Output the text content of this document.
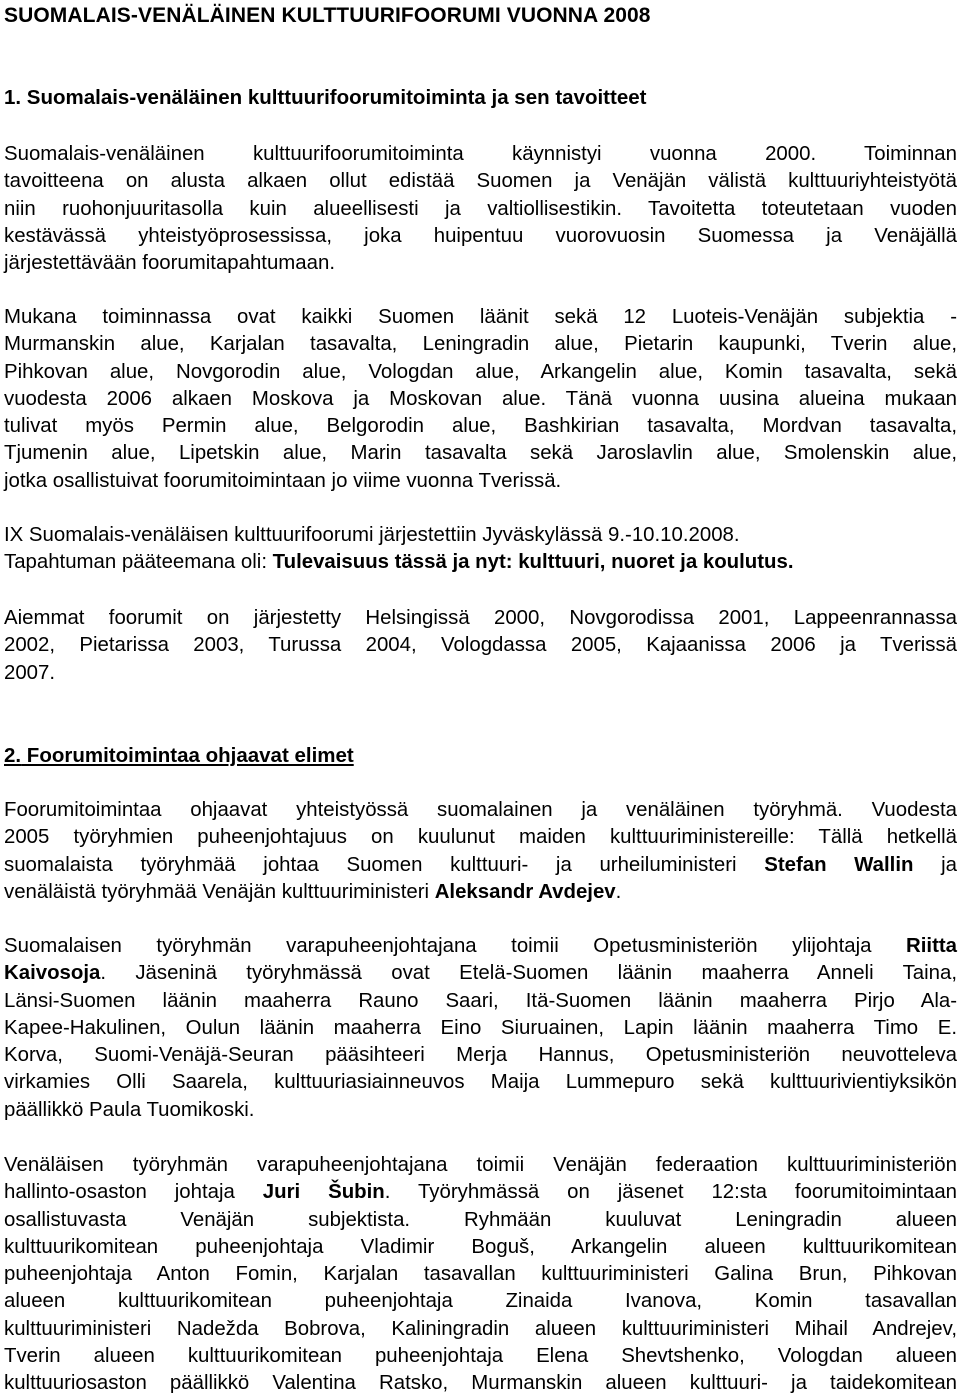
SUOMALAIS-VENÄLÄINEN KULTTUURIFOORUMI VUONNA 2008
1. Suomalais-venäläinen kulttuurifoorumitoiminta ja sen tavoitteet
Suomalais-venäläinen kulttuurifoorumitoiminta käynnistyi vuonna 2000. Toiminnan
tavoitteena on alusta alkaen ollut edistää Suomen ja Venäjän välistä kulttuuriyhteistyötä
niin ruohonjuuritasolla kuin alueellisesti ja valtiollisestikin. Tavoitetta toteutetaan vuoden
kestävässä yhteistyöprosessissa, joka huipentuu vuorovuosin Suomessa ja Venäjällä
järjestettävään foorumitapahtumaan.
Mukana toiminnassa ovat kaikki Suomen läänit sekä 12 Luoteis-Venäjän subjektia -
Murmanskin alue, Karjalan tasavalta, Leningradin alue, Pietarin kaupunki, Tverin alue,
Pihkovan alue, Novgorodin alue, Vologdan alue, Arkangelin alue, Komin tasavalta, sekä
vuodesta 2006 alkaen Moskova ja Moskovan alue. Tänä vuonna uusina alueina mukaan
tulivat myös Permin alue, Belgorodin alue, Bashkirian tasavalta, Mordvan tasavalta,
Tjumenin alue, Lipetskin alue, Marin tasavalta sekä Jaroslavlin alue, Smolenskin alue,
jotka osallistuivat foorumitoimintaan jo viime vuonna Tverissä.
IX Suomalais-venäläisen kulttuurifoorumi järjestettiin Jyväskylässä 9.-10.10.2008.
Tapahtuman pääteemana oli: Tulevaisuus tässä ja nyt: kulttuuri, nuoret ja koulutus.
Aiemmat foorumit on järjestetty Helsingissä 2000, Novgorodissa 2001, Lappeenrannassa
2002, Pietarissa 2003, Turussa 2004, Vologdassa 2005, Kajaanissa 2006 ja Tverissä
2007.
2. Foorumitoimintaa ohjaavat elimet
Foorumitoimintaa ohjaavat yhteistyössä suomalainen ja venäläinen työryhmä. Vuodesta
2005 työryhmien puheenjohtajuus on kuulunut maiden kulttuuriministereille: Tällä hetkellä
suomalaista työryhmää johtaa Suomen kulttuuri- ja urheiluministeri Stefan Wallin ja
venäläistä työryhmää Venäjän kulttuuriministeri Aleksandr Avdejev.
Suomalaisen työryhmän varapuheenjohtajana toimii Opetusministeriön ylijohtaja Riitta
Kaivosoja. Jäseninä työryhmässä ovat Etelä-Suomen läänin maaherra Anneli Taina,
Länsi-Suomen läänin maaherra Rauno Saari, Itä-Suomen läänin maaherra Pirjo Ala-
Kapee-Hakulinen, Oulun läänin maaherra Eino Siuruainen, Lapin läänin maaherra Timo E.
Korva, Suomi-Venäjä-Seuran pääsihteeri Merja Hannus, Opetusministeriön neuvotteleva
virkamies Olli Saarela, kulttuuriasiainneuvos Maija Lummepuro sekä kulttuurivientiyksikön
päällikkö Paula Tuomikoski.
Venäläisen työryhmän varapuheenjohtajana toimii Venäjän federaation kulttuuriministeriön
hallinto-osaston johtaja Juri Šubin. Työryhmässä on jäsenet 12:sta foorumitoimintaan
osallistuvasta Venäjän subjektista. Ryhmään kuuluvat Leningradin alueen
kulttuurikomitean puheenjohtaja Vladimir Boguš, Arkangelin alueen kulttuurikomitean
puheenjohtaja Anton Fomin, Karjalan tasavallan kulttuuriministeri Galina Brun, Pihkovan
alueen kulttuurikomitean puheenjohtaja Zinaida Ivanova, Komin tasavallan
kulttuuriministeri Nadežda Bobrova, Kaliningradin alueen kulttuuriministeri Mihail Andrejev,
Tverin alueen kulttuurikomitean puheenjohtaja Elena Shevtshenko, Vologdan alueen
kulttuuriosaston päällikkö Valentina Ratsko, Murmanskin alueen kulttuuri- ja taidekomitean
